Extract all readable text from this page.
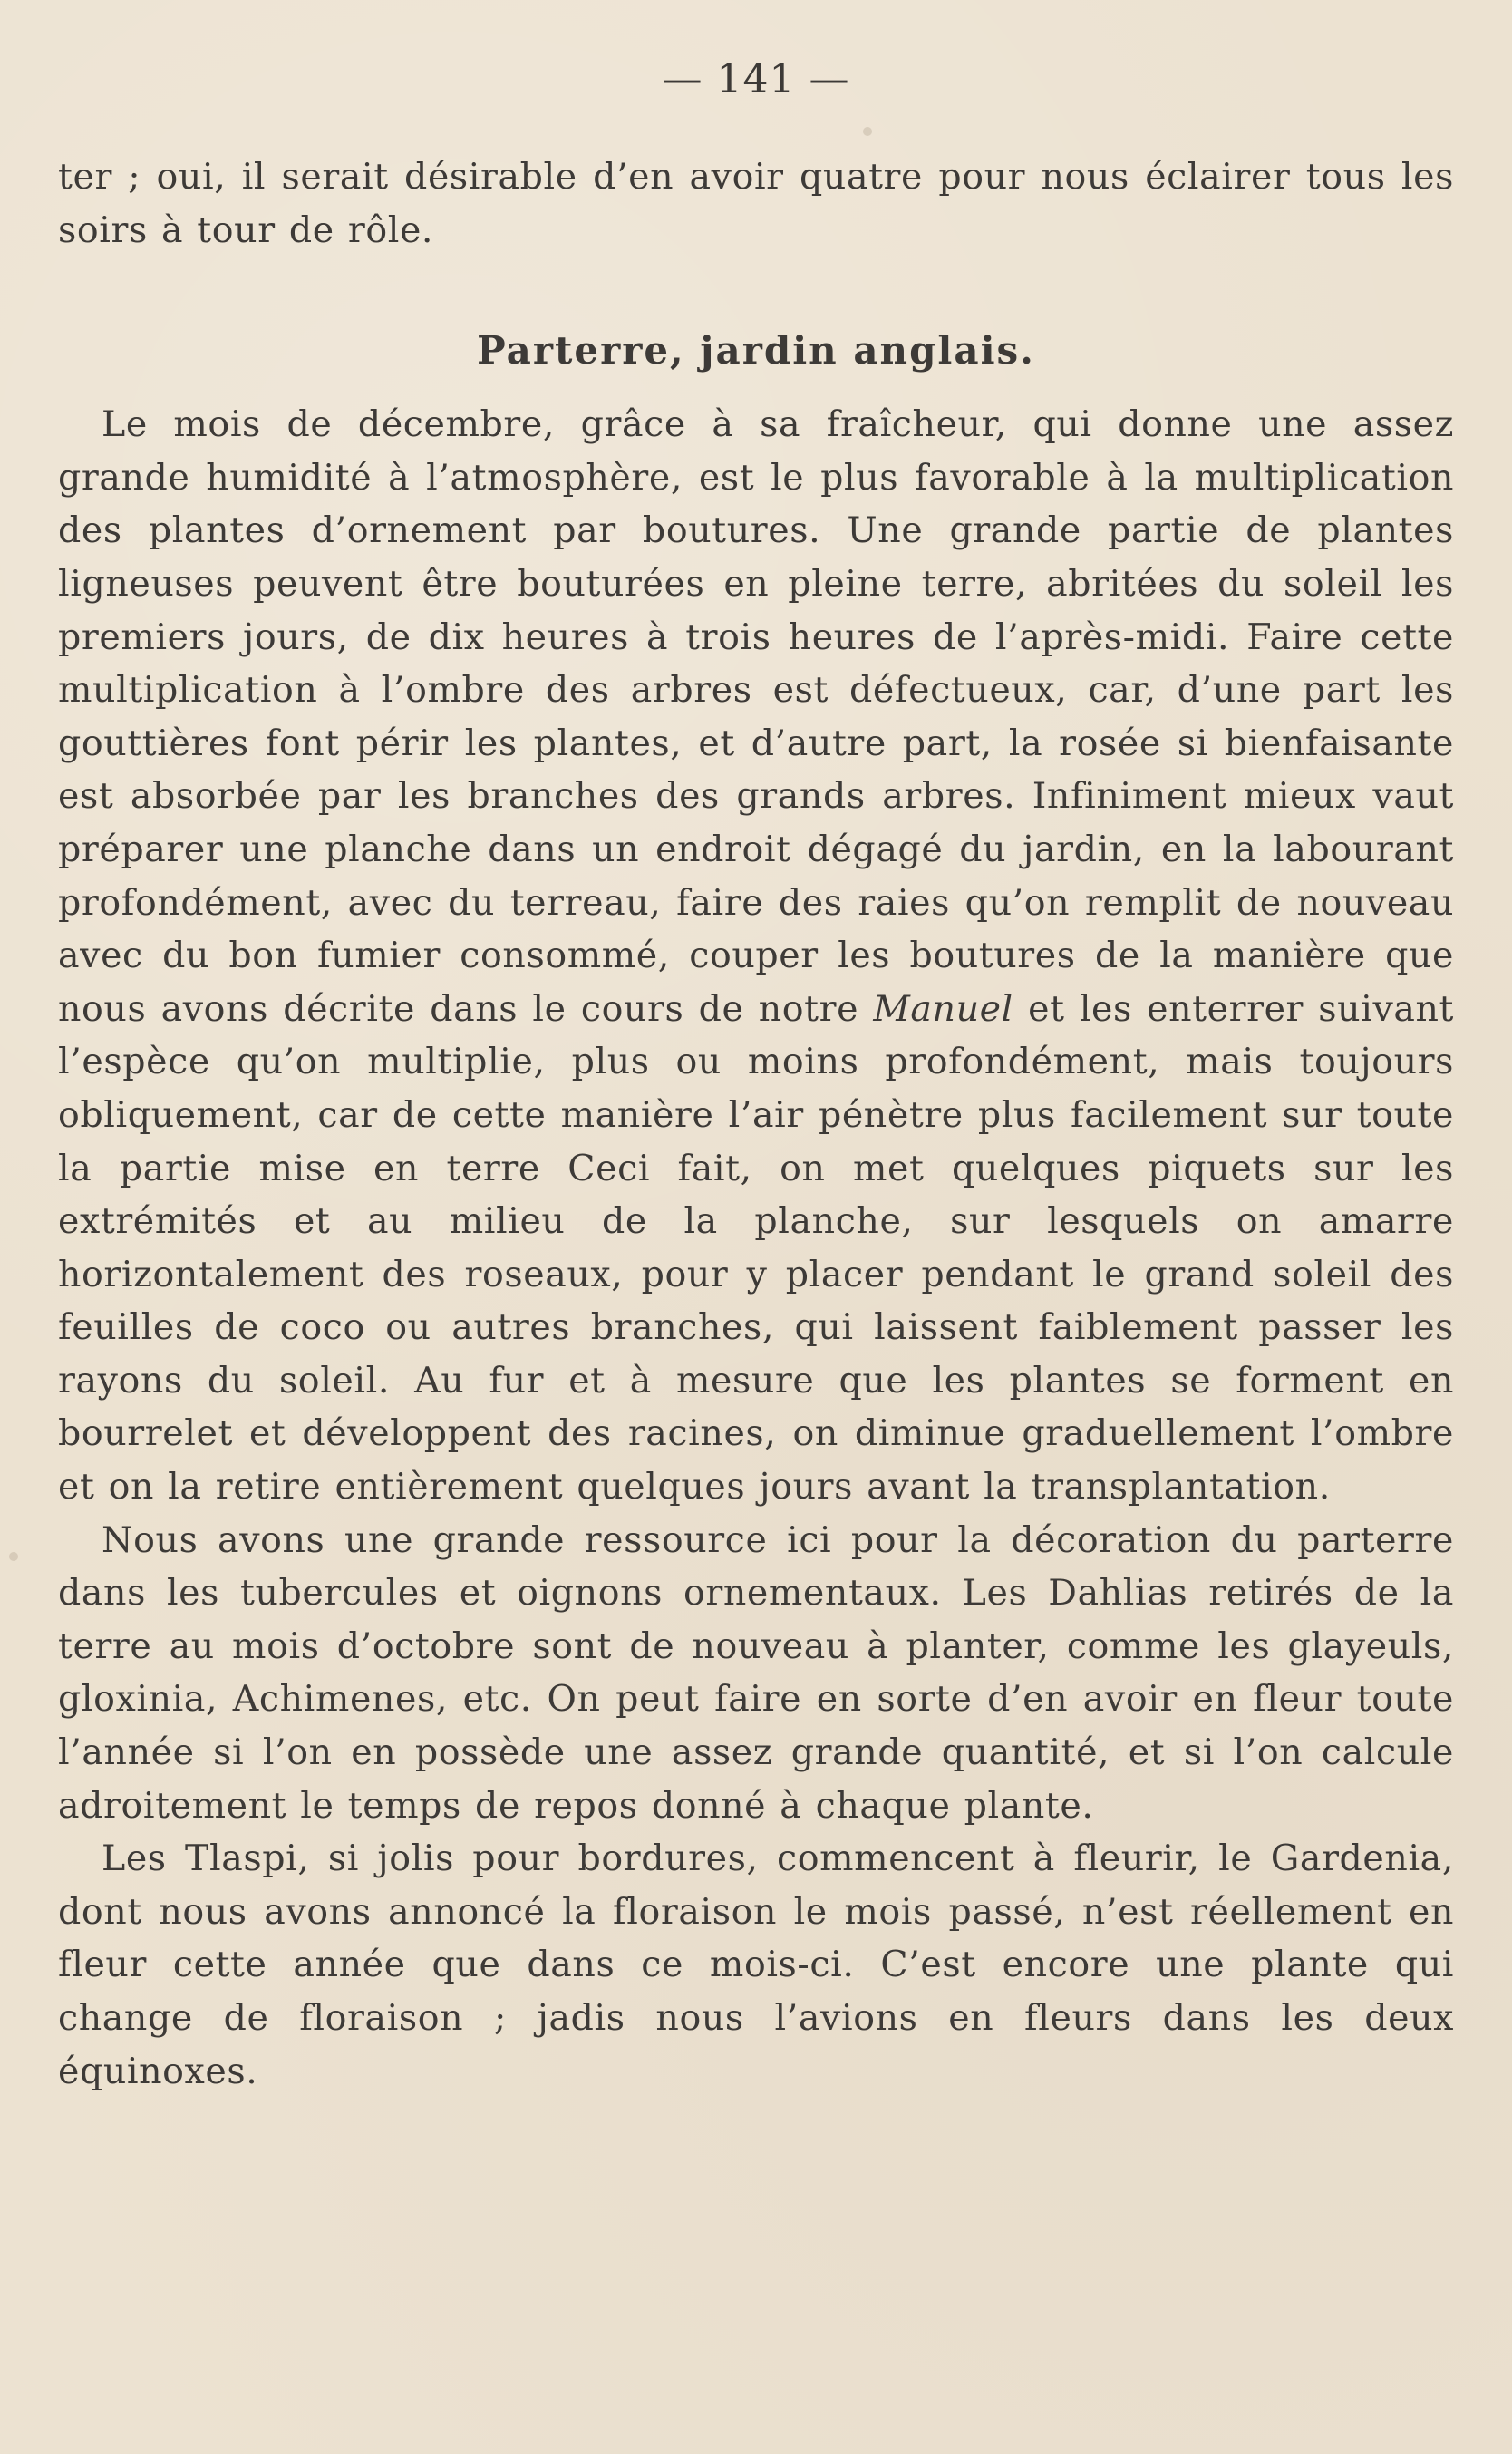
— 141 —

ter ; oui, il serait désirable d’en avoir quatre pour nous éclairer tous les soirs à tour de rôle.

Parterre, jardin anglais.

Le mois de décembre, grâce à sa fraîcheur, qui donne une assez grande humidité à l’atmosphère, est le plus favorable à la multiplication des plantes d’ornement par boutures. Une grande partie de plantes ligneuses peuvent être bouturées en pleine terre, abritées du soleil les premiers jours, de dix heures à trois heures de l’après-midi. Faire cette multiplication à l’ombre des arbres est défectueux, car, d’une part les gouttières font périr les plantes, et d’autre part, la rosée si bienfaisante est absorbée par les branches des grands arbres. Infiniment mieux vaut préparer une planche dans un endroit dégagé du jardin, en la labourant profondément, avec du terreau, faire des raies qu’on remplit de nouveau avec du bon fumier consommé, couper les boutures de la manière que nous avons décrite dans le cours de notre Manuel et les enterrer suivant l’espèce qu’on multiplie, plus ou moins profondément, mais toujours obliquement, car de cette manière l’air pénètre plus facilement sur toute la partie mise en terre Ceci fait, on met quelques piquets sur les extrémités et au milieu de la planche, sur lesquels on amarre horizontalement des roseaux, pour y placer pendant le grand soleil des feuilles de coco ou autres branches, qui laissent faiblement passer les rayons du soleil. Au fur et à mesure que les plantes se forment en bourrelet et développent des racines, on diminue graduellement l’ombre et on la retire entièrement quelques jours avant la transplantation.

Nous avons une grande ressource ici pour la décoration du parterre dans les tubercules et oignons ornementaux. Les Dahlias retirés de la terre au mois d’octobre sont de nouveau à planter, comme les glayeuls, gloxinia, Achimenes, etc. On peut faire en sorte d’en avoir en fleur toute l’année si l’on en possède une assez grande quantité, et si l’on calcule adroitement le temps de repos donné à chaque plante.

Les Tlaspi, si jolis pour bordures, commencent à fleurir, le Gardenia, dont nous avons annoncé la floraison le mois passé, n’est réellement en fleur cette année que dans ce mois-ci. C’est encore une plante qui change de floraison ; jadis nous l’avions en fleurs dans les deux équinoxes.
